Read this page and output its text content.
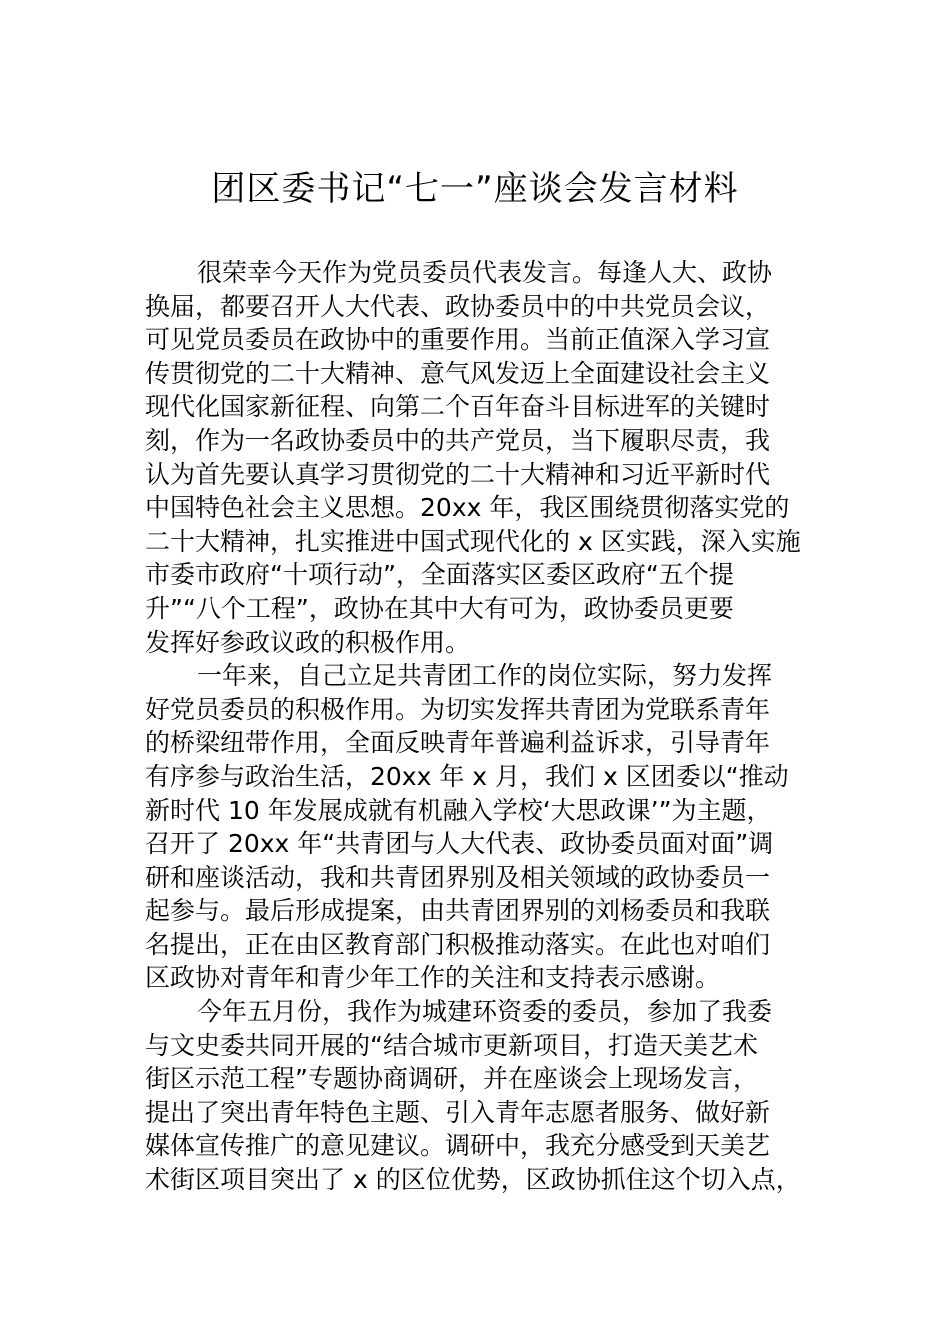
团区委书记“七一”座谈会发言材料
很荣幸今天作为党员委员代表发言。每逢人大、政协
换届，都要召开人大代表、政协委员中的中共党员会议，
可见党员委员在政协中的重要作用。当前正值深入学习宣
传贯彻党的二十大精神、意气风发迈上全面建设社会主义
现代化国家新征程、向第二个百年奋斗目标进军的关键时
刻，作为一名政协委员中的共产党员，当下履职尽责，我
认为首先要认真学习贯彻党的二十大精神和习近平新时代
中国特色社会主义思想。20xx 年，我区围绕贯彻落实党的
二十大精神，扎实推进中国式现代化的 x 区实践，深入实施
市委市政府“十项行动”，全面落实区委区政府“五个提
升”“八个工程”，政协在其中大有可为，政协委员更要
发挥好参政议政的积极作用。
一年来，自己立足共青团工作的岗位实际，努力发挥
好党员委员的积极作用。为切实发挥共青团为党联系青年
的桥梁纽带作用，全面反映青年普遍利益诉求，引导青年
有序参与政治生活，20xx 年 x 月，我们 x 区团委以“推动
新时代 10 年发展成就有机融入学校‘大思政课’”为主题，
召开了 20xx 年“共青团与人大代表、政协委员面对面”调
研和座谈活动，我和共青团界别及相关领域的政协委员一
起参与。最后形成提案，由共青团界别的刘杨委员和我联
名提出，正在由区教育部门积极推动落实。在此也对咱们
区政协对青年和青少年工作的关注和支持表示感谢。
今年五月份，我作为城建环资委的委员，参加了我委
与文史委共同开展的“结合城市更新项目，打造天美艺术
街区示范工程”专题协商调研，并在座谈会上现场发言，
提出了突出青年特色主题、引入青年志愿者服务、做好新
媒体宣传推广的意见建议。调研中，我充分感受到天美艺
术街区项目突出了 x 的区位优势，区政协抓住这个切入点，
